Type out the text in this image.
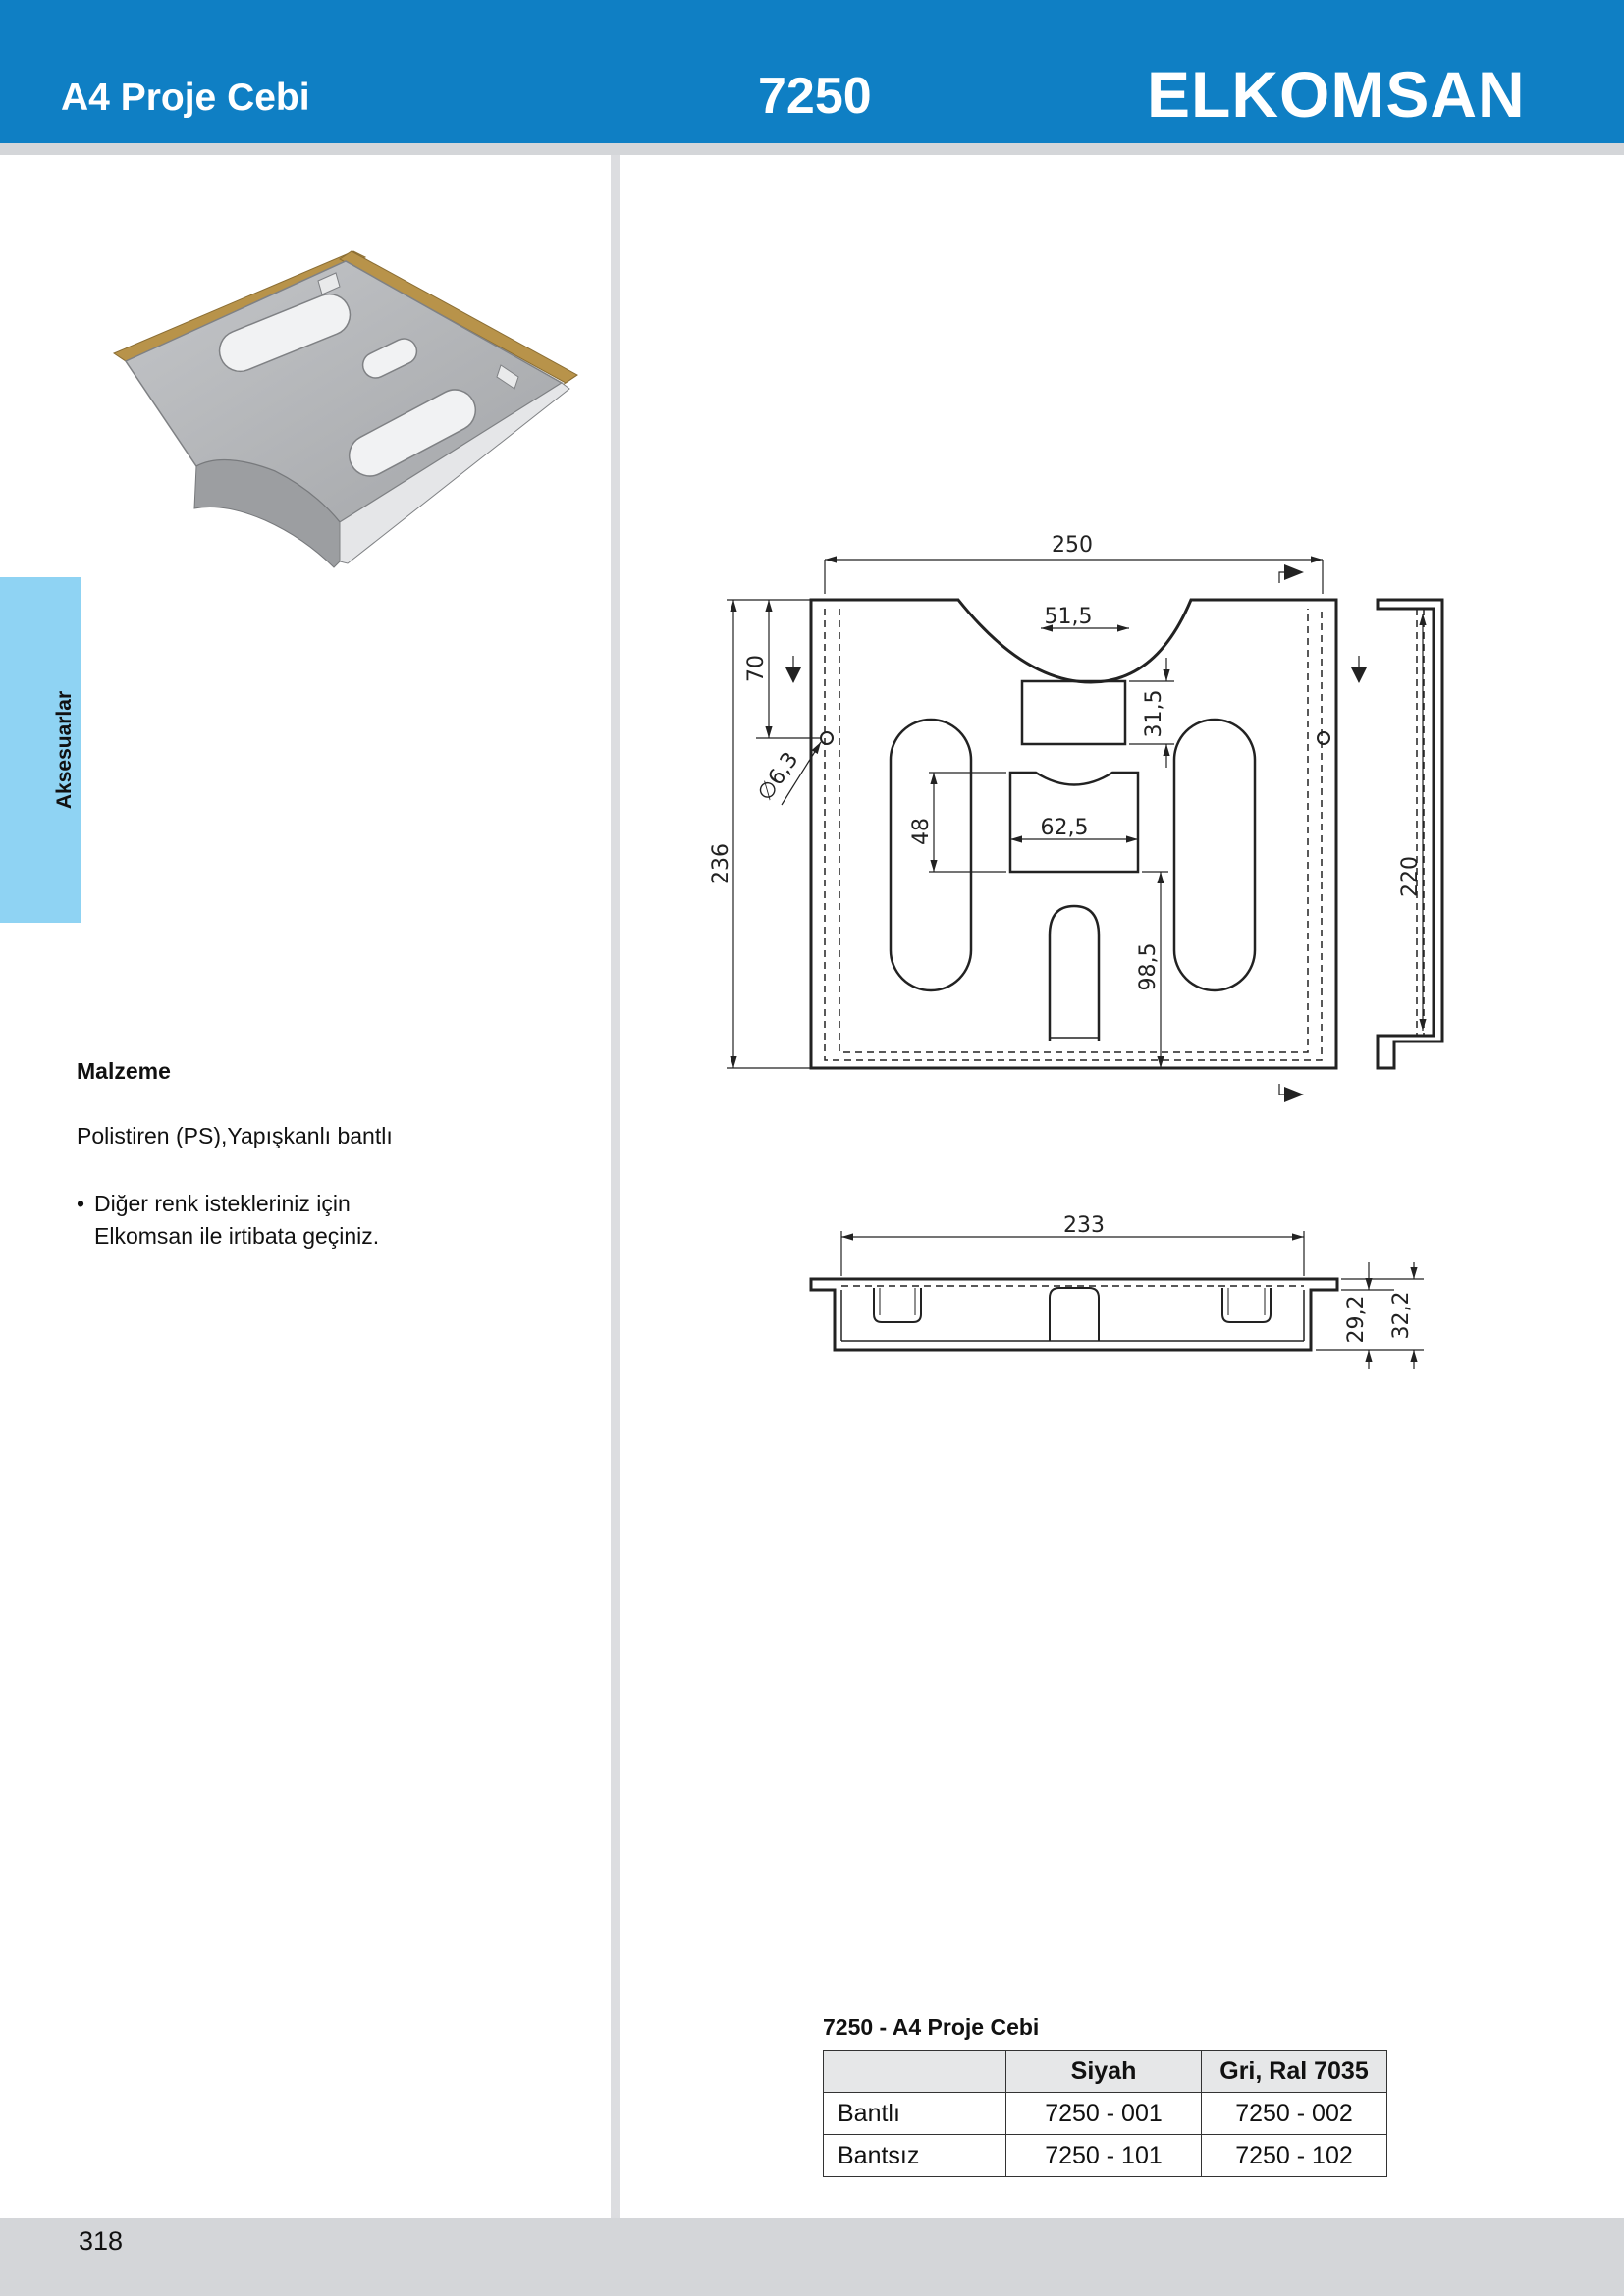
A4 Proje Cebi	7250	ELKOMSAN
Aksesuarlar
Malzeme
Polistiren (PS),Yapışkanlı bantlı
• Diğer renk istekleriniz için
Elkomsan ile irtibata geçiniz.
250
51,5
70
236
∅6,3
31,5
48	62,5
98,5
220
233
29,2 32,2
7250 - A4 Proje Cebi
	Siyah	Gri, Ral 7035
Bantlı	7250 - 001	7250 - 002
Bantsız	7250 - 101	7250 - 102
318
